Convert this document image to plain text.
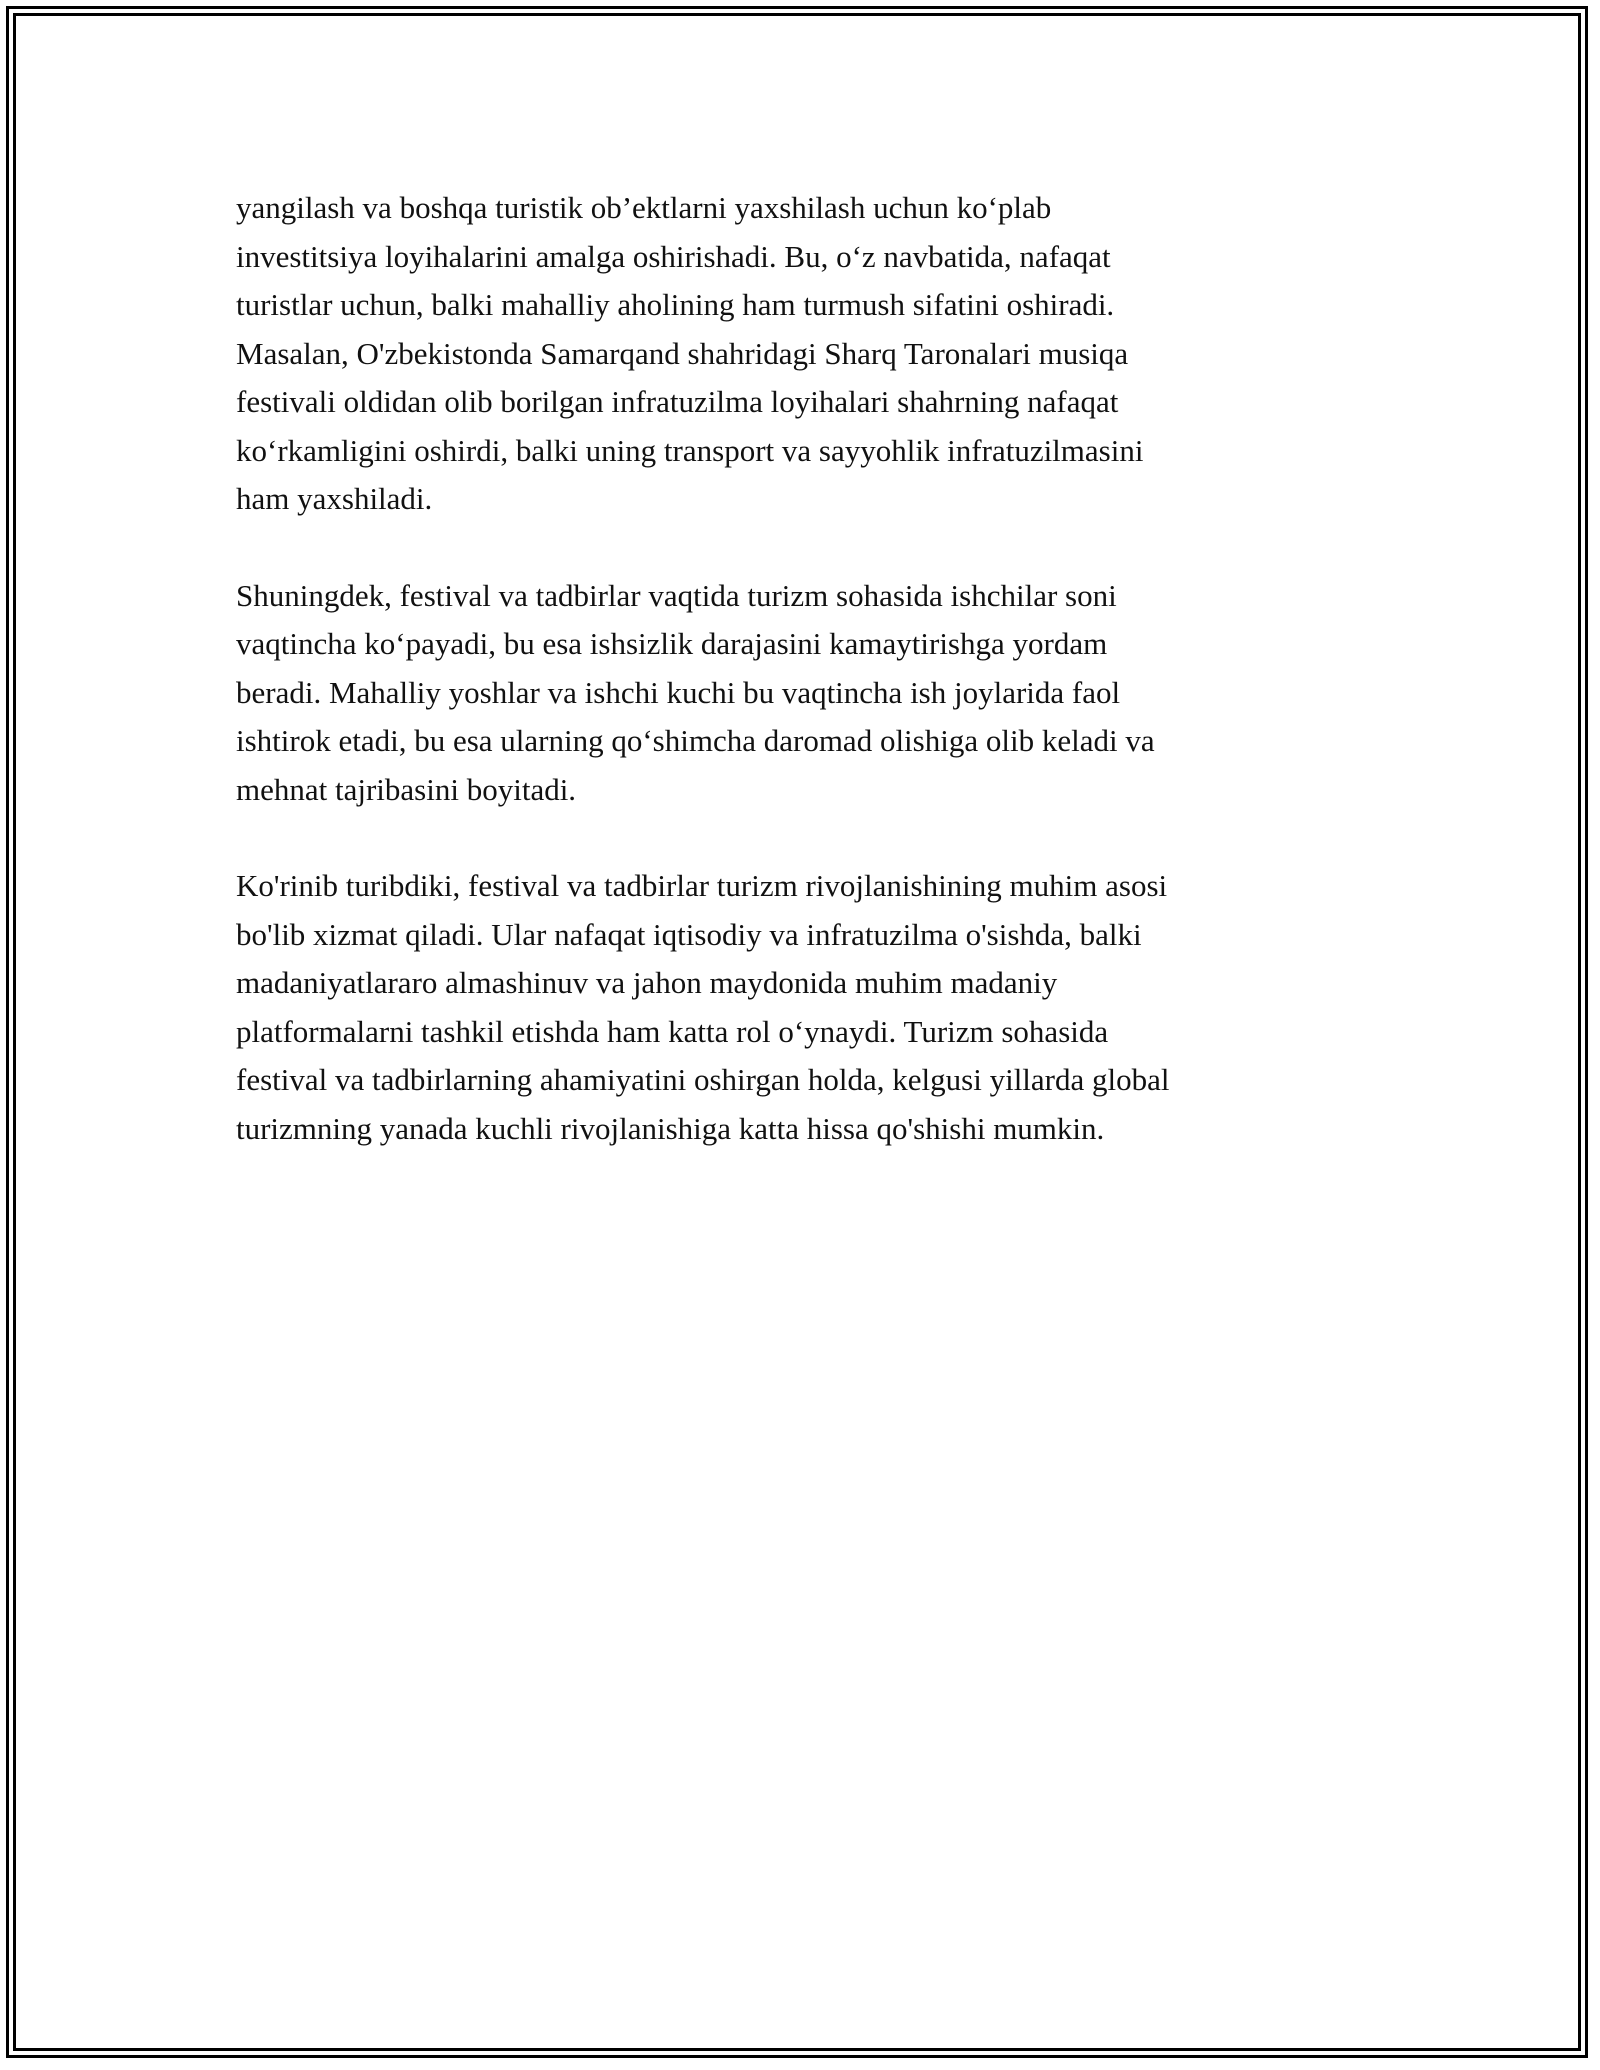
yangilash va boshqa turistik ob’ektlarni yaxshilash uchun ko‘plab
investitsiya loyihalarini amalga oshirishadi. Bu, o‘z navbatida, nafaqat
turistlar uchun, balki mahalliy aholining ham turmush sifatini oshiradi.
Masalan, O'zbekistonda Samarqand shahridagi Sharq Taronalari musiqa
festivali oldidan olib borilgan infratuzilma loyihalari shahrning nafaqat
ko‘rkamligini oshirdi, balki uning transport va sayyohlik infratuzilmasini
ham yaxshiladi.

Shuningdek, festival va tadbirlar vaqtida turizm sohasida ishchilar soni
vaqtincha ko‘payadi, bu esa ishsizlik darajasini kamaytirishga yordam
beradi. Mahalliy yoshlar va ishchi kuchi bu vaqtincha ish joylarida faol
ishtirok etadi, bu esa ularning qo‘shimcha daromad olishiga olib keladi va
mehnat tajribasini boyitadi.

Ko'rinib turibdiki, festival va tadbirlar turizm rivojlanishining muhim asosi
bo'lib xizmat qiladi. Ular nafaqat iqtisodiy va infratuzilma o'sishda, balki
madaniyatlararo almashinuv va jahon maydonida muhim madaniy
platformalarni tashkil etishda ham katta rol o‘ynaydi. Turizm sohasida
festival va tadbirlarning ahamiyatini oshirgan holda, kelgusi yillarda global
turizmning yanada kuchli rivojlanishiga katta hissa qo'shishi mumkin.
